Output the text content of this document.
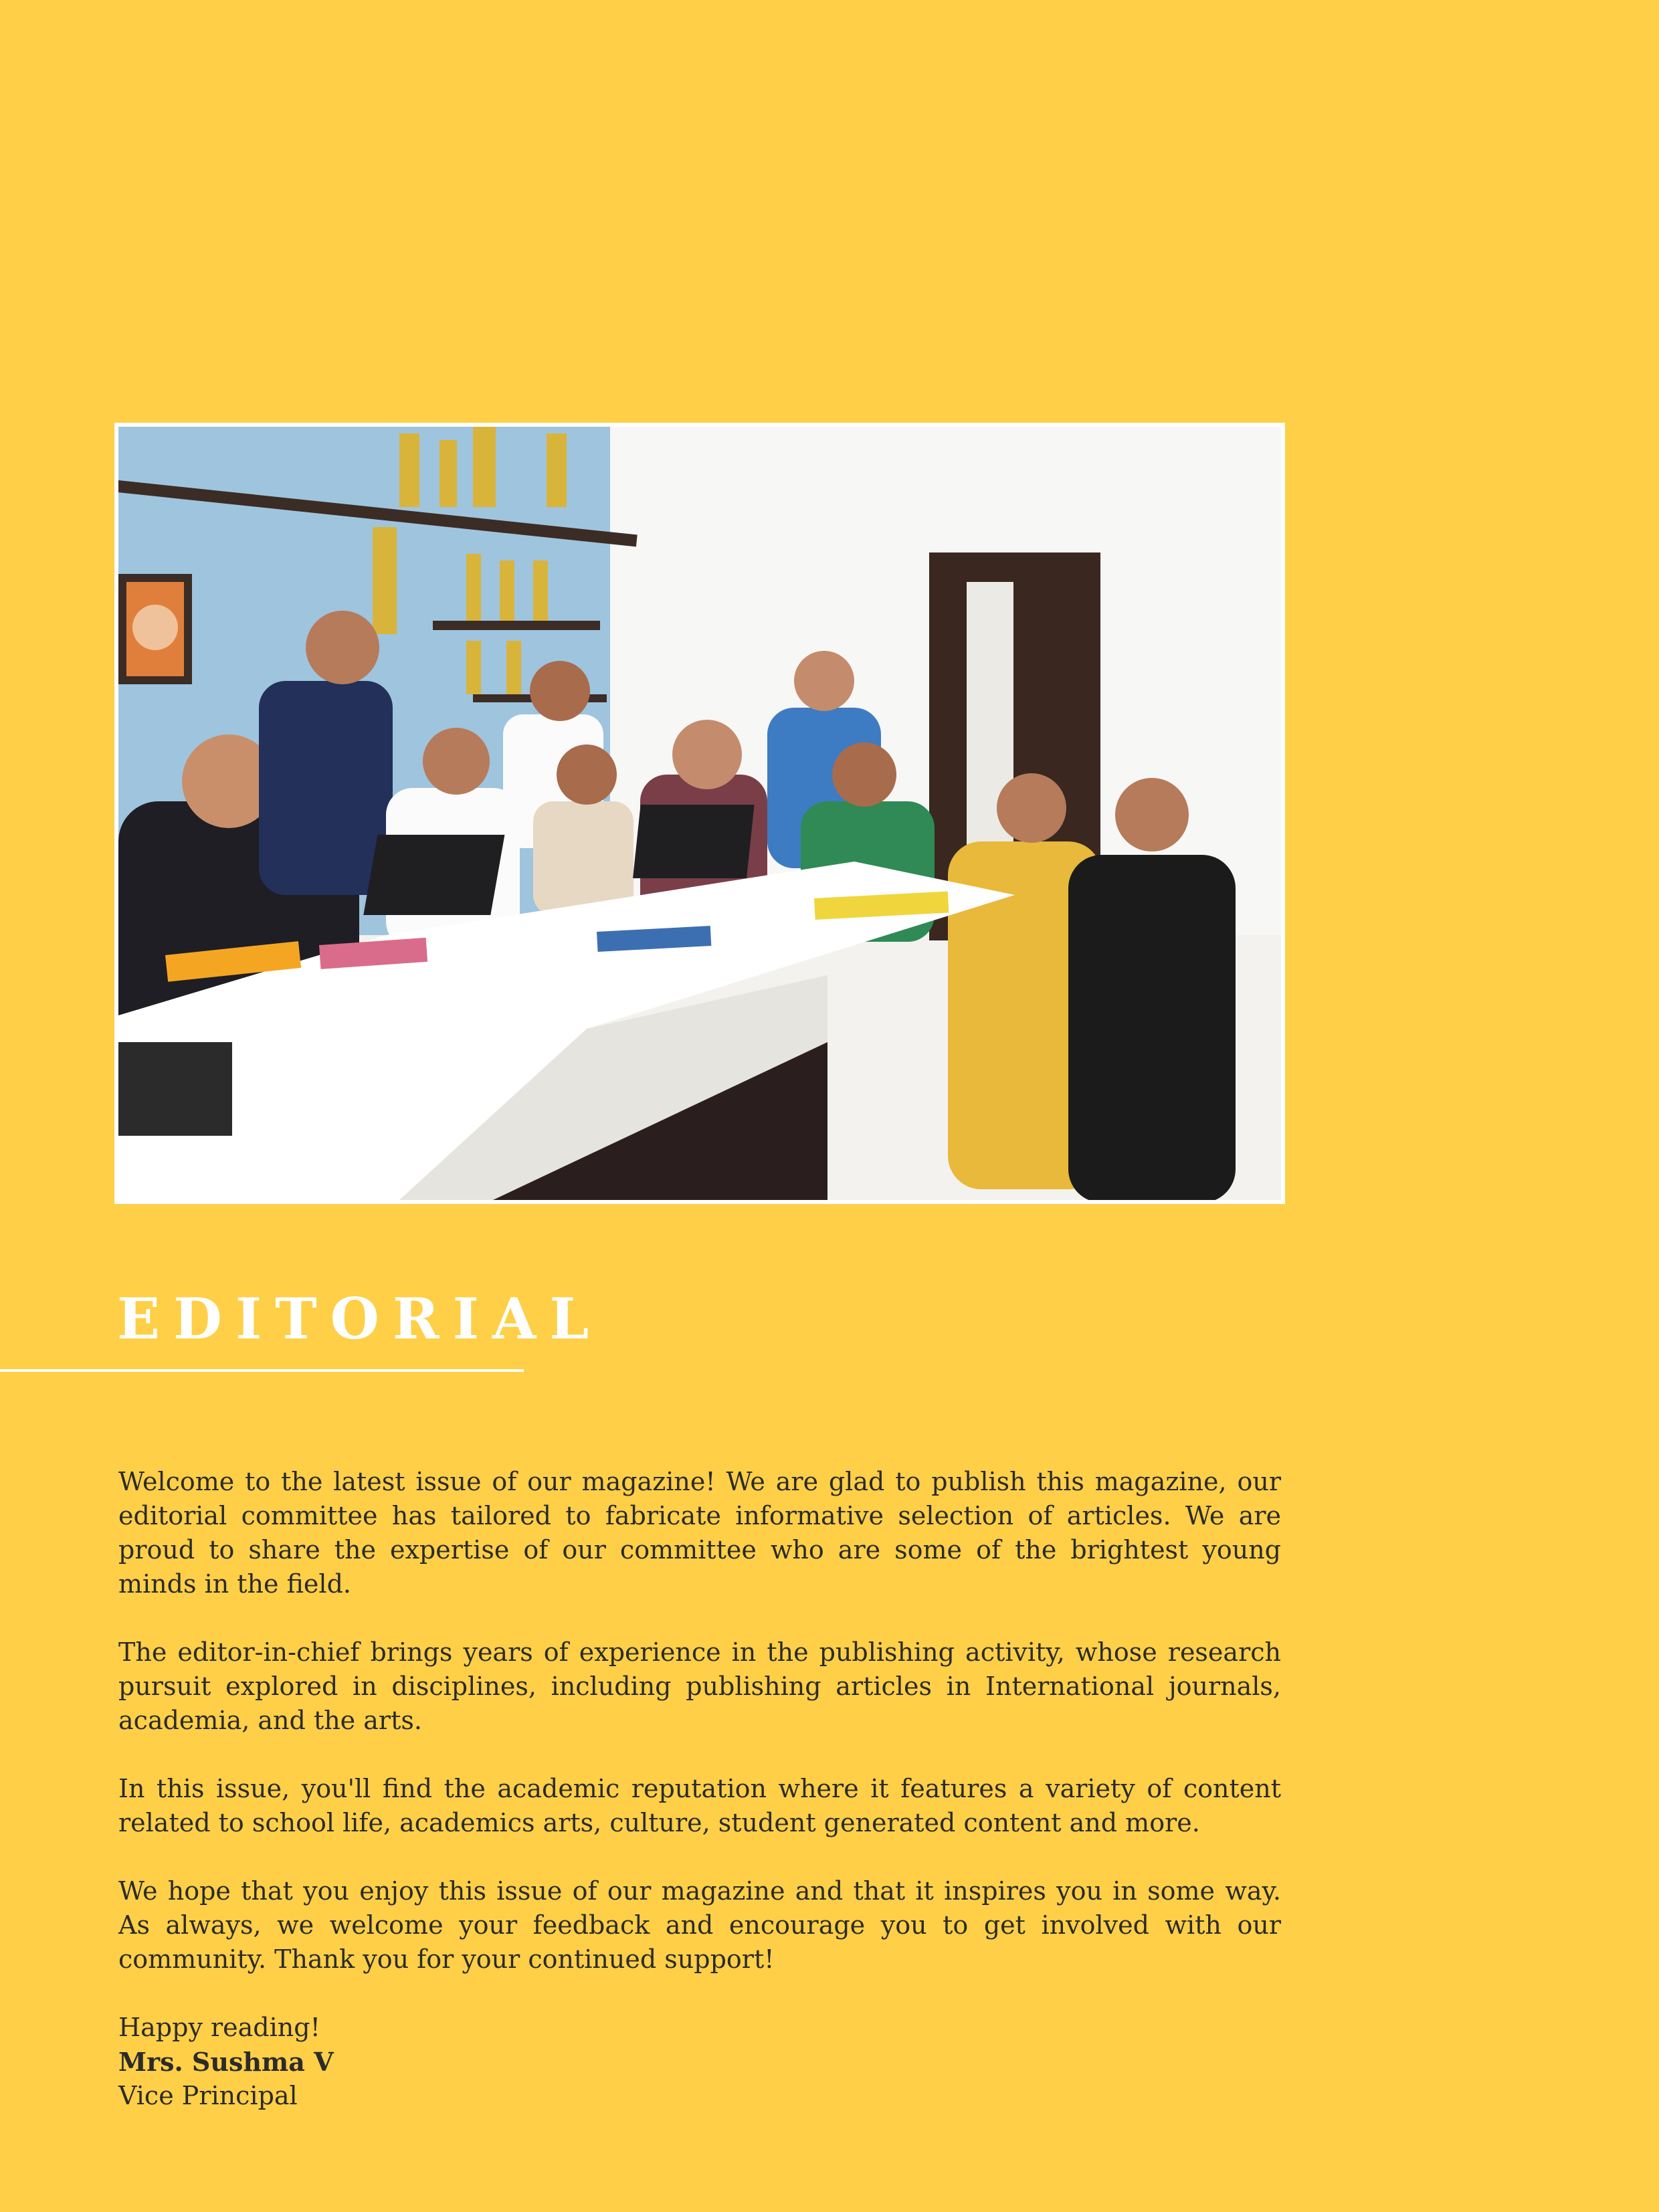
EDITORIAL

Welcome to the latest issue of our magazine! We are glad to publish this magazine, our editorial committee has tailored to fabricate informative selection of articles. We are proud to share the expertise of our committee who are some of the brightest young minds in the field.

The editor-in-chief brings years of experience in the publishing activity, whose research pursuit explored in disciplines, including publishing articles in International journals, academia, and the arts.

In this issue, you'll find the academic reputation where it features a variety of content related to school life, academics arts, culture, student generated content and more.

We hope that you enjoy this issue of our magazine and that it inspires you in some way. As always, we welcome your feedback and encourage you to get involved with our community. Thank you for your continued support!

Happy reading!
Mrs. Sushma V
Vice Principal
